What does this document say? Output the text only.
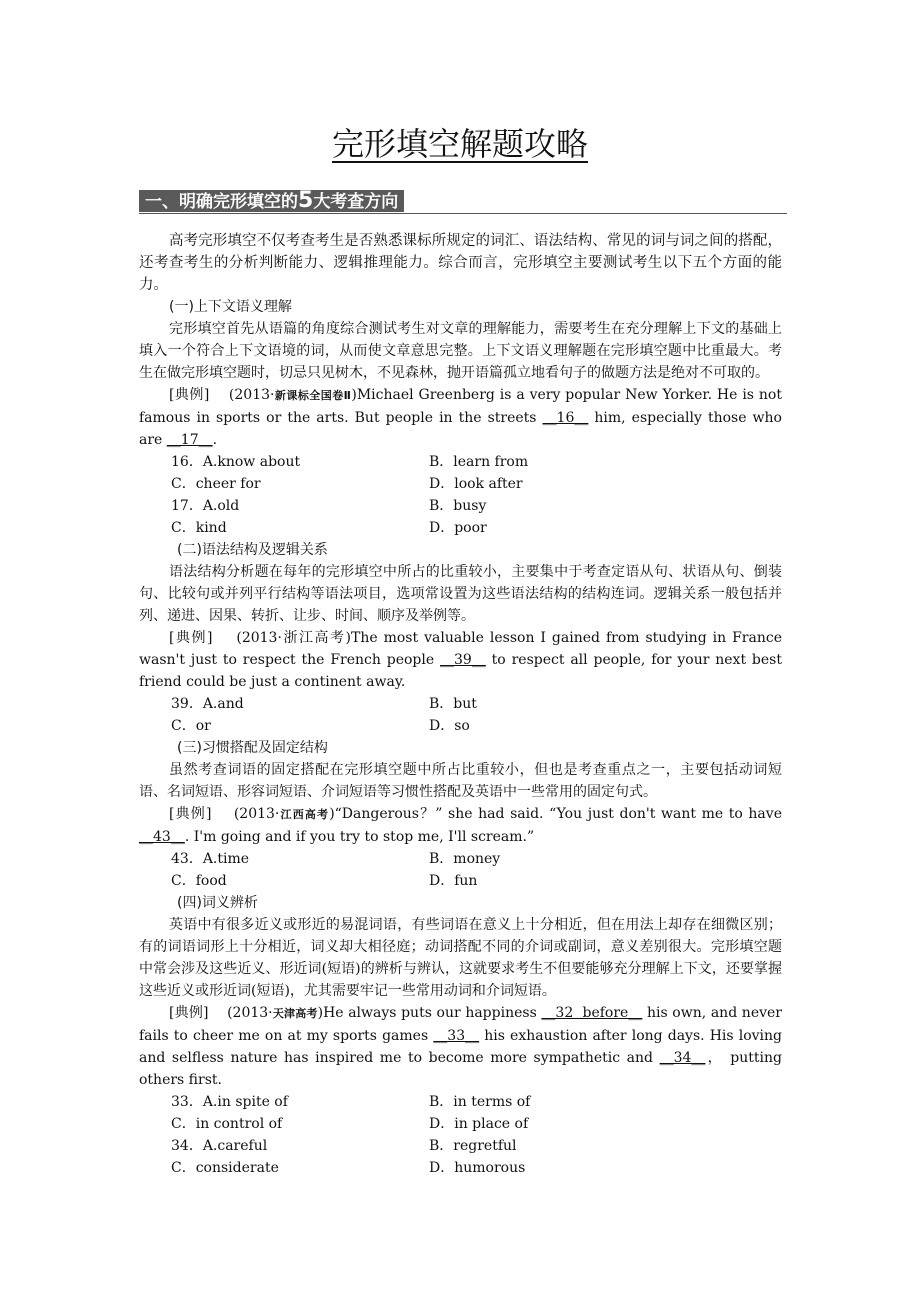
完形填空解题攻略
一、明确完形填空的5大考查方向

高考完形填空不仅考查考生是否熟悉课标所规定的词汇、语法结构、常见的词与词之间的搭配，还考查考生的分析判断能力、逻辑推理能力。综合而言，完形填空主要测试考生以下五个方面的能力。

(一)上下文语义理解

完形填空首先从语篇的角度综合测试考生对文章的理解能力，需要考生在充分理解上下文的基础上填入一个符合上下文语境的词，从而使文章意思完整。上下文语义理解题在完形填空题中比重最大。考生在做完形填空题时，切忌只见树木，不见森林，抛开语篇孤立地看句子的做题方法是绝对不可取的。

[典例] (2013·新课标全国卷Ⅱ)Michael Greenberg is a very popular New Yorker. He is not famous in sports or the arts. But people in the streets __16__ him, especially those who are __17__.

16．A.know about	B．learn from
C．cheer for	D．look after
17．A.old	B．busy
C．kind	D．poor

(二)语法结构及逻辑关系

语法结构分析题在每年的完形填空中所占的比重较小，主要集中于考查定语从句、状语从句、倒装句、比较句或并列平行结构等语法项目，选项常设置为这些语法结构的结构连词。逻辑关系一般包括并列、递进、因果、转折、让步、时间、顺序及举例等。

[典例] (2013·浙江高考)The most valuable lesson I gained from studying in France wasn't just to respect the French people __39__ to respect all people, for your next best friend could be just a continent away.

39．A.and	B．but
C．or	D．so

(三)习惯搭配及固定结构

虽然考查词语的固定搭配在完形填空题中所占比重较小，但也是考查重点之一，主要包括动词短语、名词短语、形容词短语、介词短语等习惯性搭配及英语中一些常用的固定句式。

[典例] (2013·江西高考)“Dangerous？” she had said. “You just don't want me to have __43__. I'm going and if you try to stop me, I'll scream.”

43．A.time	B．money
C．food	D．fun

(四)词义辨析

英语中有很多近义或形近的易混词语，有些词语在意义上十分相近，但在用法上却存在细微区别；有的词语词形上十分相近，词义却大相径庭；动词搭配不同的介词或副词，意义差别很大。完形填空题中常会涉及这些近义、形近词(短语)的辨析与辨认，这就要求考生不但要能够充分理解上下文，还要掌握这些近义或形近词(短语)，尤其需要牢记一些常用动词和介词短语。

[典例] (2013·天津高考)He always puts our happiness __32  before__ his own, and never fails to cheer me on at my sports games __33__ his exhaustion after long days. His loving and selfless nature has inspired me to become more sympathetic and __34__， putting others first.

33．A.in spite of	B．in terms of
C．in control of	D．in place of
34．A.careful	B．regretful
C．considerate	D．humorous
